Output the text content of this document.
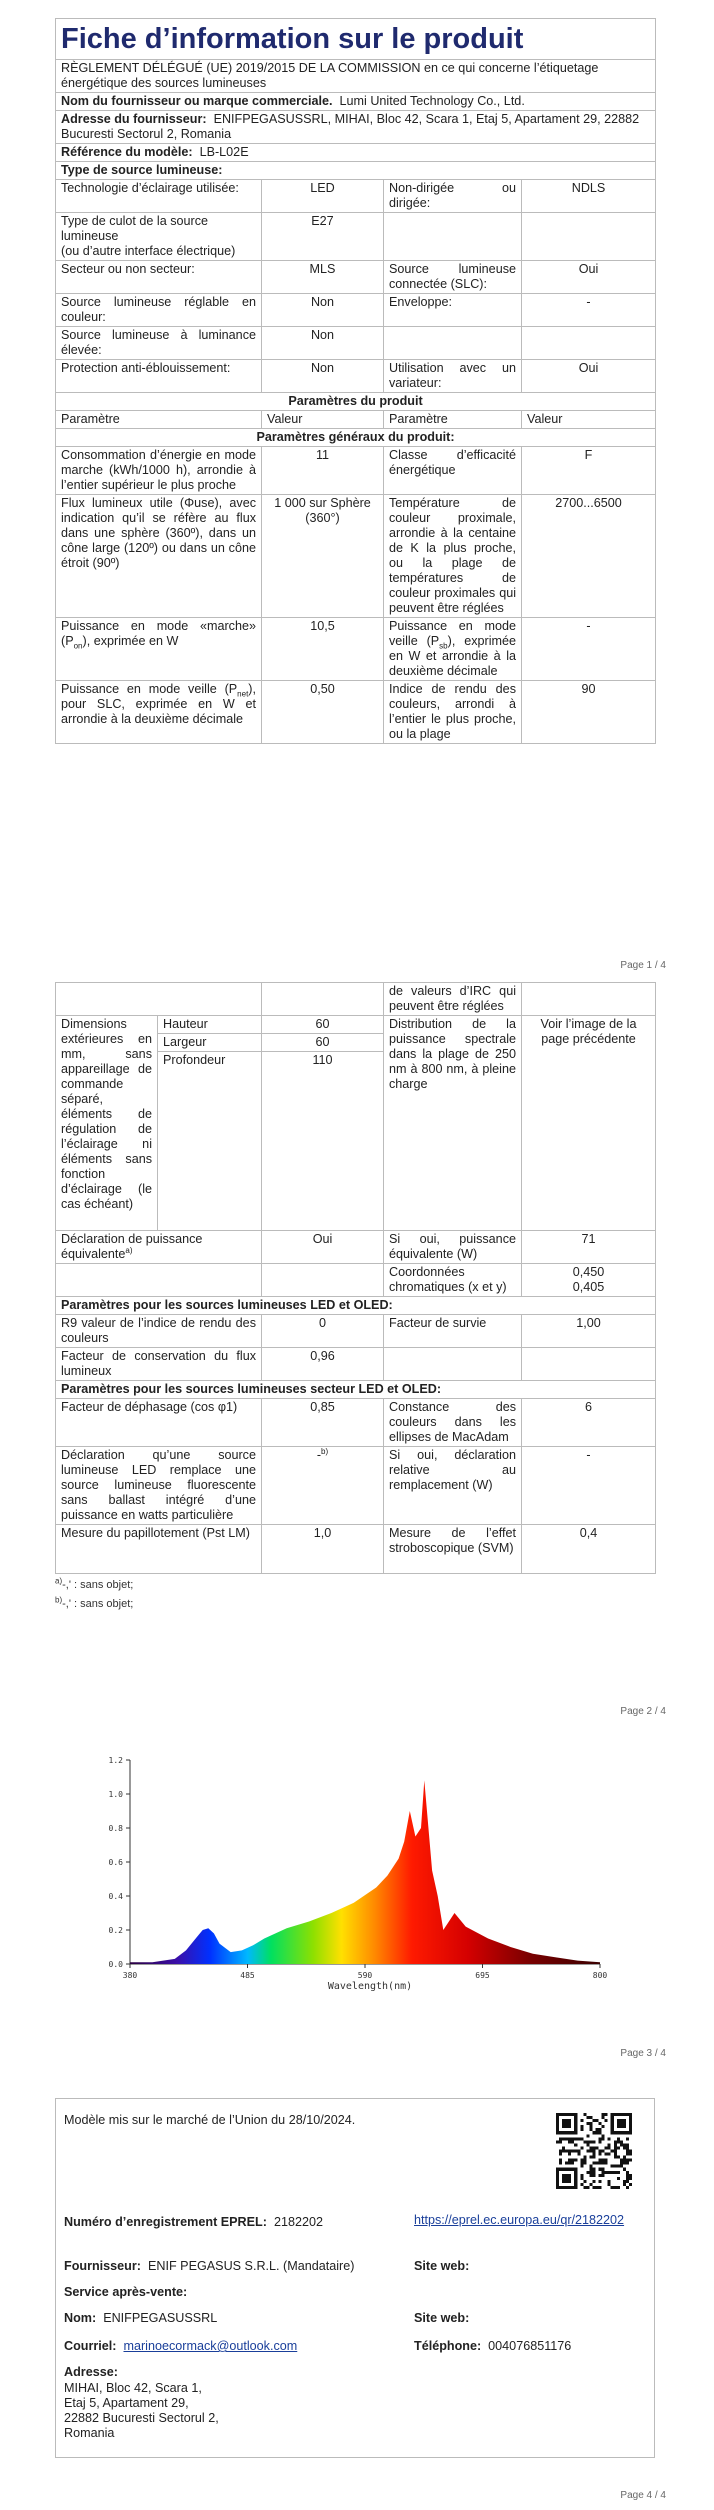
Fiche d’information sur le produit			
RÈGLEMENT DÉLÉGUÉ (UE) 2019/2015 DE LA COMMISSION en ce qui concerne l’étiquetage énergétique des sources lumineuses			
Nom du fournisseur ou marque commerciale. Lumi United Technology Co., Ltd.			
Adresse du fournisseur: ENIFPEGASUSSRL, MIHAI, Bloc 42, Scara 1, Etaj 5, Apartament 29, 22882 Bucuresti Sectorul 2, Romania			
Référence du modèle: LB-L02E			
Type de source lumineuse:			
Technologie d’éclairage utilisée:	LED	Non-dirigée ou dirigée:	NDLS
Type de culot de la source lumineuse
(ou d’autre interface électrique)	E27		
Secteur ou non secteur:	MLS	Source lumineuse connectée (SLC):	Oui
Source lumineuse réglable en couleur:	Non	Enveloppe:	-
Source lumineuse à luminance élevée:	Non		
Protection anti-éblouissement:	Non	Utilisation avec un variateur:	Oui
Paramètres du produit			
Paramètre	Valeur	Paramètre	Valeur
Paramètres généraux du produit:			
Consommation d’énergie en mode marche (kWh/1000 h), arrondie à l’entier supérieur le plus proche	11	Classe d’efficacité énergétique	F
Flux lumineux utile (Φuse), avec indication qu’il se réfère au flux dans une sphère (360º), dans un cône large (120º) ou dans un cône étroit (90º)	1 000 sur Sphère (360°)	Température de couleur proximale, arrondie à la centaine de K la plus proche, ou la plage de températures de couleur proximales qui peuvent être réglées	2700...6500
Puissance en mode «marche» $(P_{on})$, exprimée en W	10,5	Puissance en mode veille $(P_{sb})$, exprimée en W et arrondie à la deuxième décimale	-
Puissance en mode veille $(P_{net})$, pour SLC, exprimée en W et arrondie à la deuxième décimale	0,50	Indice de rendu des couleurs, arrondi à l’entier le plus proche, ou la plage	90
Page 1 / 4
			de valeurs d’IRC qui peuvent être réglées	
Dimensions extérieures en mm, sans appareillage de commande séparé, éléments de régulation de l’éclairage ni éléments sans fonction d’éclairage (le cas échéant)	Hauteur	60	Distribution de la puissance spectrale dans la plage de 250 nm à 800 nm, à pleine charge	Voir l’image de la page précédente
	Largeur	60		
	Profondeur	110		
Déclaration de puissance équivalente$^{a)}$		Oui	Si oui, puissance équivalente (W)	71
			Coordonnées chromatiques (x et y)	0,450
0,405

Paramètres pour les sources lumineuses LED et OLED:				
R9 valeur de l’indice de rendu des couleurs		0	Facteur de survie	1,00
Facteur de conservation du flux lumineux		0,96		
Paramètres pour les sources lumineuses secteur LED et OLED:				
Facteur de déphasage (cos φ1)		0,85	Constance des couleurs dans les ellipses de MacAdam	6
Déclaration qu’une source lumineuse LED remplace une source lumineuse fluorescente sans ballast intégré d’une puissance en watts particulière		-$^{b)}$	Si oui, déclaration relative au remplacement (W)	-
Mesure du papillotement (Pst LM)		1,0	Mesure de l’effet stroboscopique (SVM)	0,4
$^{a)}$-,' : sans objet;
$^{b)}$-,' : sans objet;
Page 2 / 4
0.0
0.2
0.4
0.6
0.8
1.0
1.2
380	485	590	695	800
Wavelength(nm)
Page 3 / 4
Modèle mis sur le marché de l’Union du 28/10/2024.
Numéro d’enregistrement EPREL: 2182202	https://eprel.ec.europa.eu/qr/2182202
Fournisseur: ENIF PEGASUS S.R.L. (Mandataire)	Site web:
Service après-vente:
Nom: ENIFPEGASUSSRL	Site web:
Courriel: marinoecormack@outlook.com	Téléphone: 004076851176
Adresse:
MIHAI, Bloc 42, Scara 1,
Etaj 5, Apartament 29,
22882 Bucuresti Sectorul 2,
Romania
Page 4 / 4
